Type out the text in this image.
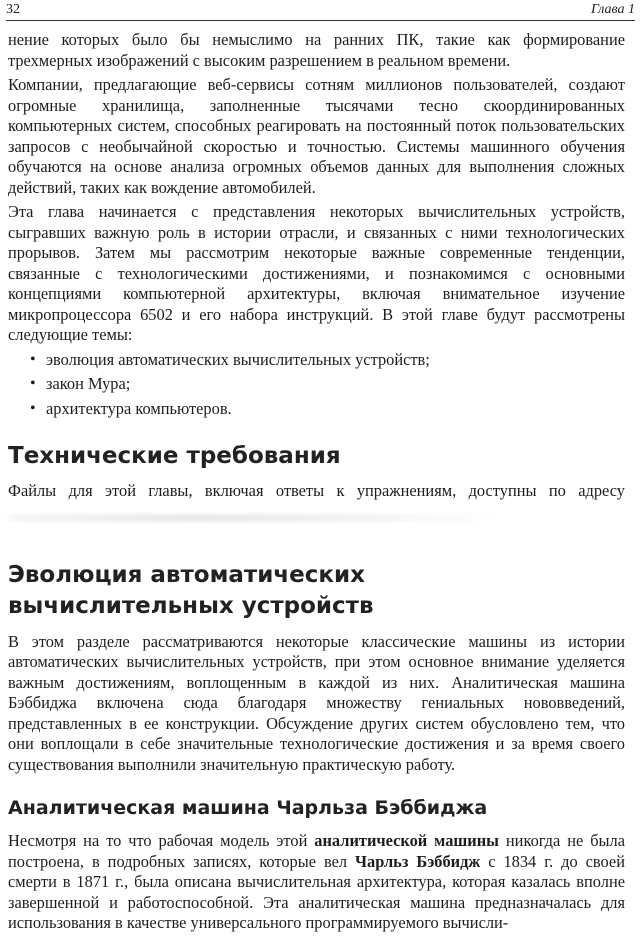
32	Глава 1

нение которых было бы немыслимо на ранних ПК, такие как формирование трехмерных изображений с высоким разрешением в реальном времени.

Компании, предлагающие веб-сервисы сотням миллионов пользователей, создают огромные хранилища, заполненные тысячами тесно скоординированных компьютерных систем, способных реагировать на постоянный поток пользовательских запросов с необычайной скоростью и точностью. Системы машинного обучения обучаются на основе анализа огромных объемов данных для выполнения сложных действий, таких как вождение автомобилей.

Эта глава начинается с представления некоторых вычислительных устройств, сыгравших важную роль в истории отрасли, и связанных с ними технологических прорывов. Затем мы рассмотрим некоторые важные современные тенденции, связанные с технологическими достижениями, и познакомимся с основными концепциями компьютерной архитектуры, включая внимательное изучение микропроцессора 6502 и его набора инструкций. В этой главе будут рассмотрены следующие темы:

• эволюция автоматических вычислительных устройств;
• закон Мура;
• архитектура компьютеров.
Технические требования

Файлы для этой главы, включая ответы к упражнениям, доступны по адресу

Эволюция автоматических
вычислительных устройств

В этом разделе рассматриваются некоторые классические машины из истории автоматических вычислительных устройств, при этом основное внимание уделяется важным достижениям, воплощенным в каждой из них. Аналитическая машина Бэббиджа включена сюда благодаря множеству гениальных нововведений, представленных в ее конструкции. Обсуждение других систем обусловлено тем, что они воплощали в себе значительные технологические достижения и за время своего существования выполнили значительную практическую работу.

Аналитическая машина Чарльза Бэббиджа

Несмотря на то что рабочая модель этой аналитической машины никогда не была построена, в подробных записях, которые вел Чарльз Бэббидж с 1834 г. до своей смерти в 1871 г., была описана вычислительная архитектура, которая казалась вполне завершенной и работоспособной. Эта аналитическая машина предназначалась для использования в качестве универсального программируемого вычисли-
